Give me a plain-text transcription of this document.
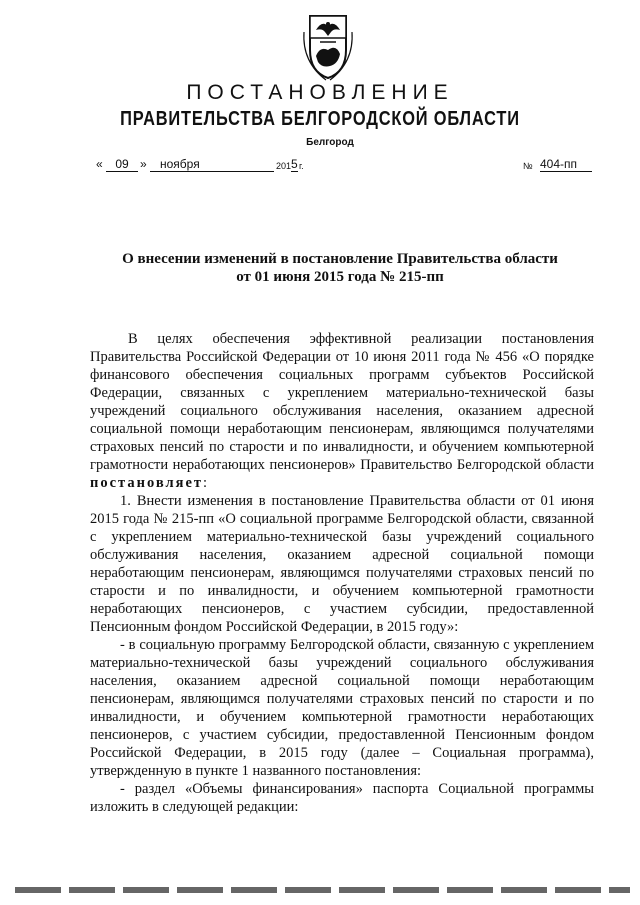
ПОСТАНОВЛЕНИЕ
ПРАВИТЕЛЬСТВА БЕЛГОРОДСКОЙ ОБЛАСТИ
Белгород
«	09 »	ноября	201 5 г.	№ 404-пп
О внесении изменений в постановление Правительства области
от 01 июня 2015 года № 215-пп

В целях обеспечения эффективной реализации постановления Правительства Российской Федерации от 10 июня 2011 года № 456 «О порядке финансового обеспечения социальных программ субъектов Российской Федерации, связанных с укреплением материально-технической базы учреждений социального обслуживания населения, оказанием адресной социальной помощи неработающим пенсионерам, являющимся получателями страховых пенсий по старости и по инвалидности, и обучением компьютерной грамотности неработающих пенсионеров» Правительство Белгородской области постановляет:

1. Внести изменения в постановление Правительства области от 01 июня 2015 года № 215-пп «О социальной программе Белгородской области, связанной с укреплением материально-технической базы учреждений социального обслуживания населения, оказанием адресной социальной помощи неработающим пенсионерам, являющимся получателями страховых пенсий по старости и по инвалидности, и обучением компьютерной грамотности неработающих пенсионеров, с участием субсидии, предоставленной Пенсионным фондом Российской Федерации, в 2015 году»:

- в социальную программу Белгородской области, связанную с укреплением материально-технической базы учреждений социального обслуживания населения, оказанием адресной социальной помощи неработающим пенсионерам, являющимся получателями страховых пенсий по старости и по инвалидности, и обучением компьютерной грамотности неработающих пенсионеров, с участием субсидии, предоставленной Пенсионным фондом Российской Федерации, в 2015 году (далее – Социальная программа), утвержденную в пункте 1 названного постановления:

- раздел «Объемы финансирования» паспорта Социальной программы изложить в следующей редакции:
